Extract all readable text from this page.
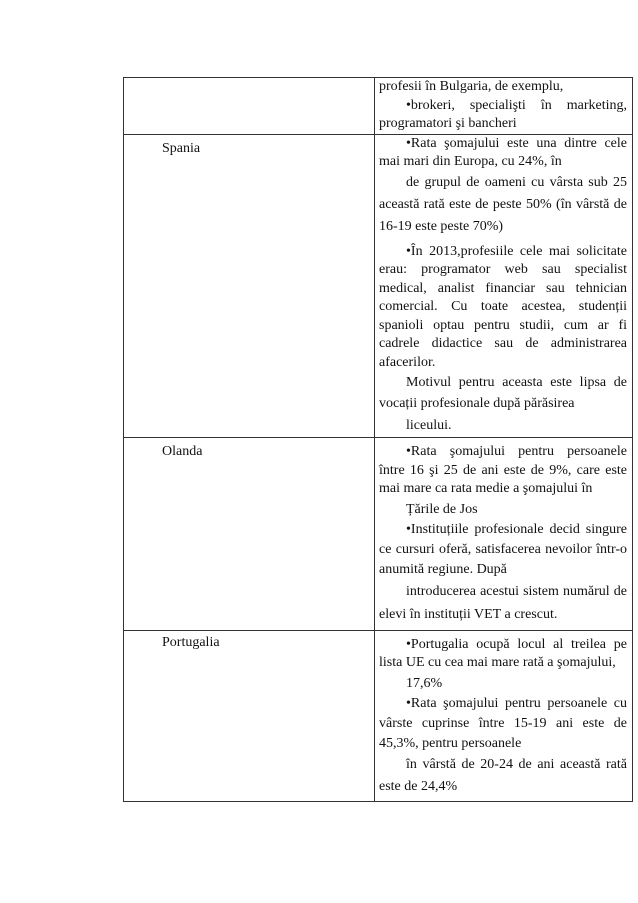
	profesii în Bulgaria, de exemplu,

•brokeri, specialişti în marketing, programatori şi bancheri

Spania	•Rata şomajului este una dintre cele mai mari din Europa, cu 24%, în

de grupul de oameni cu vârsta sub 25 această rată este de peste 50% (în vârstă de 16-19 este peste 70%)

•În 2013,profesiile cele mai solicitate erau: programator web sau specialist medical, analist financiar sau tehnician comercial. Cu toate acestea, studenții spanioli optau pentru studii, cum ar fi cadrele didactice sau de administrarea afacerilor.

Motivul pentru aceasta este lipsa de vocații profesionale după părăsirea

liceului.

Olanda	•Rata şomajului pentru persoanele între 16 şi 25 de ani este de 9%, care este mai mare ca rata medie a şomajului în

Țările de Jos

•Instituțiile profesionale decid singure ce cursuri oferă, satisfacerea nevoilor într-o anumită regiune. După

introducerea acestui sistem numărul de elevi în instituții VET a crescut.

Portugalia	•Portugalia ocupă locul al treilea pe lista UE cu cea mai mare rată a şomajului,

17,6%

•Rata şomajului pentru persoanele cu vârste cuprinse între 15-19 ani este de 45,3%, pentru persoanele

în vârstă de 20-24 de ani această rată este de 24,4%
